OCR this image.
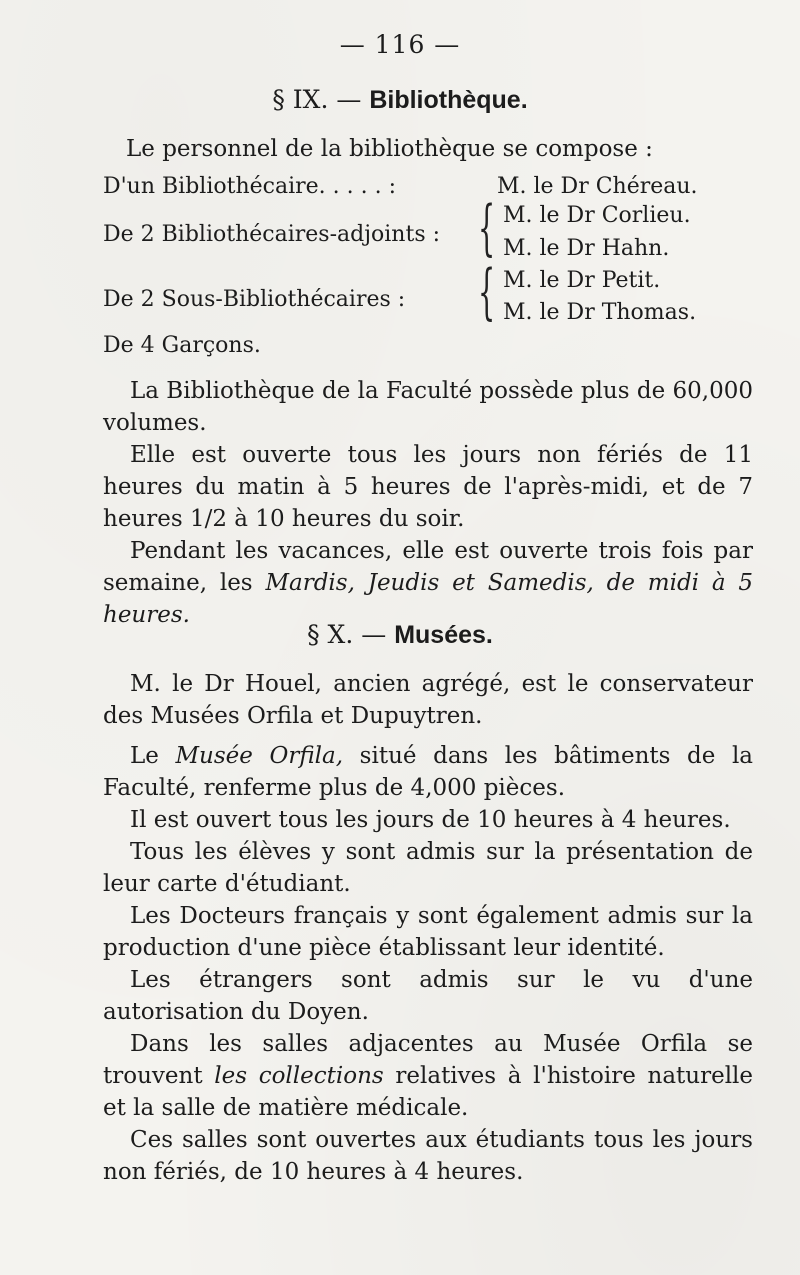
— 116 —
§ IX. — Bibliothèque.
Le personnel de la bibliothèque se compose :
D'un Bibliothécaire. . . . . :	M. le Dr Chéreau.
De 2 Bibliothécaires-adjoints : { M. le Dr Corlieu.
M. le Dr Hahn.
De 2 Sous-Bibliothécaires : { M. le Dr Petit.
M. le Dr Thomas.
De 4 Garçons.
La Bibliothèque de la Faculté possède plus de 60,000 volumes.
Elle est ouverte tous les jours non fériés de 11 heures du matin à 5 heures de l'après-midi, et de 7 heures 1/2 à 10 heures du soir.
Pendant les vacances, elle est ouverte trois fois par semaine, les Mardis, Jeudis et Samedis, de midi à 5 heures.
§ X. — Musées.
M. le Dr Houel, ancien agrégé, est le conservateur des Musées Orfila et Dupuytren.
Le Musée Orfila, situé dans les bâtiments de la Faculté, renferme plus de 4,000 pièces.
Il est ouvert tous les jours de 10 heures à 4 heures.
Tous les élèves y sont admis sur la présentation de leur carte d'étudiant.
Les Docteurs français y sont également admis sur la production d'une pièce établissant leur identité.
Les étrangers sont admis sur le vu d'une autorisation du Doyen.
Dans les salles adjacentes au Musée Orfila se trouvent les collections relatives à l'histoire naturelle et la salle de matière médicale.
Ces salles sont ouvertes aux étudiants tous les jours non fériés, de 10 heures à 4 heures.
